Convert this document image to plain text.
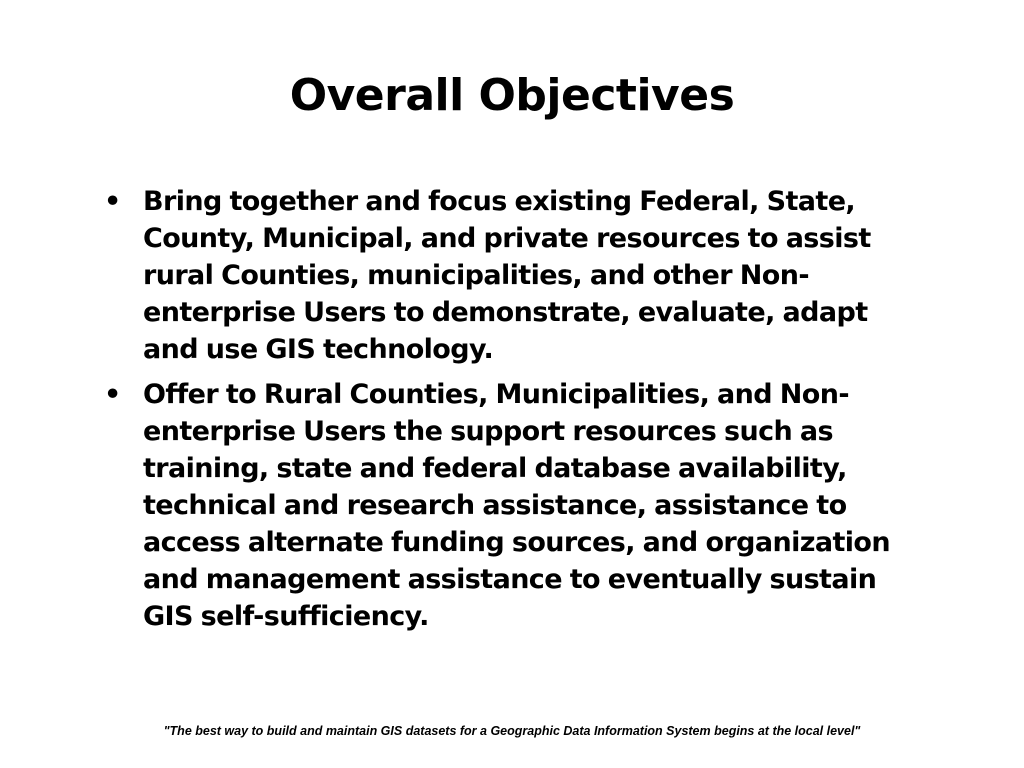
Overall Objectives
• Bring together and focus existing Federal, State, County, Municipal, and private resources to assist rural Counties, municipalities, and other Non-enterprise Users to demonstrate, evaluate, adapt and use GIS technology.
• Offer to Rural Counties, Municipalities, and Non-enterprise Users the support resources such as training, state and federal database availability, technical and research assistance, assistance to access alternate funding sources, and organization and management assistance to eventually sustain GIS self-sufficiency.

"The best way to build and maintain GIS datasets for a Geographic Data Information System begins at the local level"
